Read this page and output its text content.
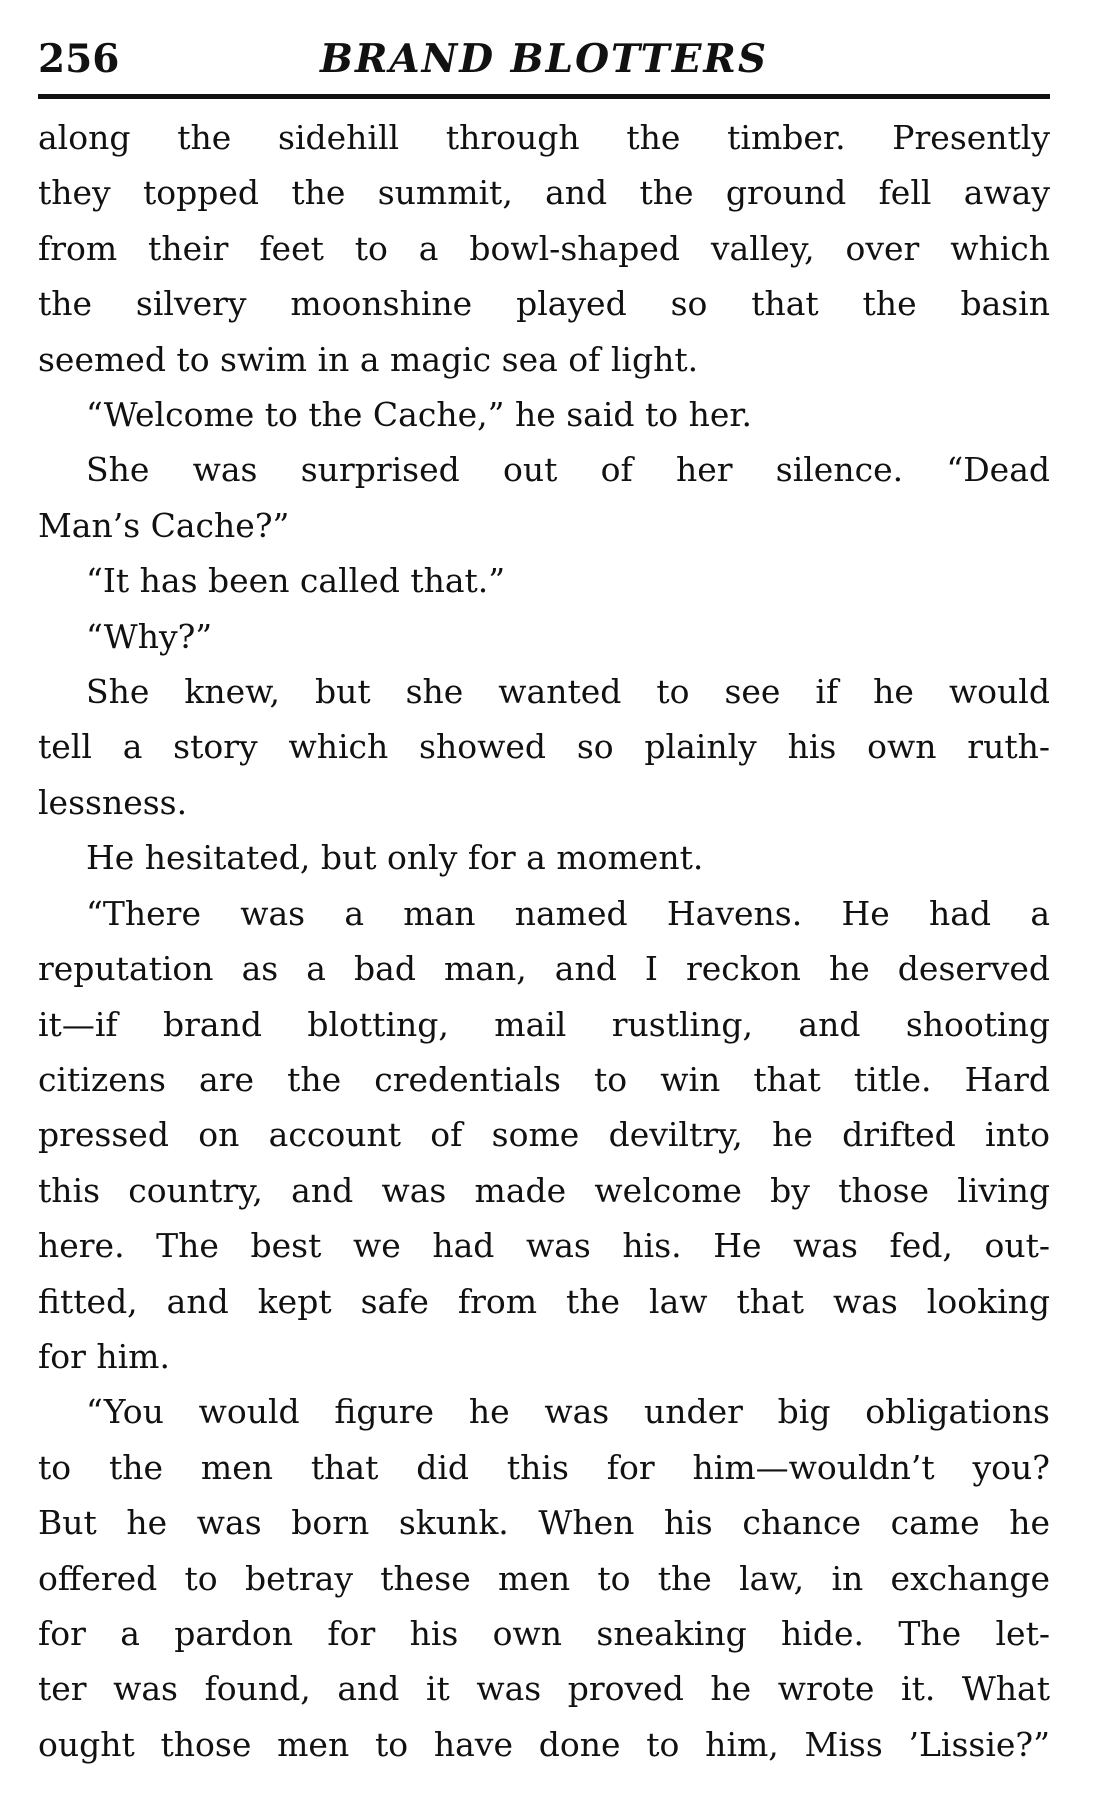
256	BRAND BLOTTERS
along the sidehill through the timber. Presently
they topped the summit, and the ground fell away
from their feet to a bowl-shaped valley, over which
the silvery moonshine played so that the basin
seemed to swim in a magic sea of light.
“Welcome to the Cache,” he said to her.
She was surprised out of her silence. “Dead
Man’s Cache?”
“It has been called that.”
“Why?”
She knew, but she wanted to see if he would
tell a story which showed so plainly his own ruth-
lessness.
He hesitated, but only for a moment.
“There was a man named Havens. He had a
reputation as a bad man, and I reckon he deserved
it—if brand blotting, mail rustling, and shooting
citizens are the credentials to win that title. Hard
pressed on account of some deviltry, he drifted into
this country, and was made welcome by those living
here. The best we had was his. He was fed, out-
fitted, and kept safe from the law that was looking
for him.
“You would figure he was under big obligations
to the men that did this for him—wouldn’t you?
But he was born skunk. When his chance came he
offered to betray these men to the law, in exchange
for a pardon for his own sneaking hide. The let-
ter was found, and it was proved he wrote it. What
ought those men to have done to him, Miss ’Lissie?”
